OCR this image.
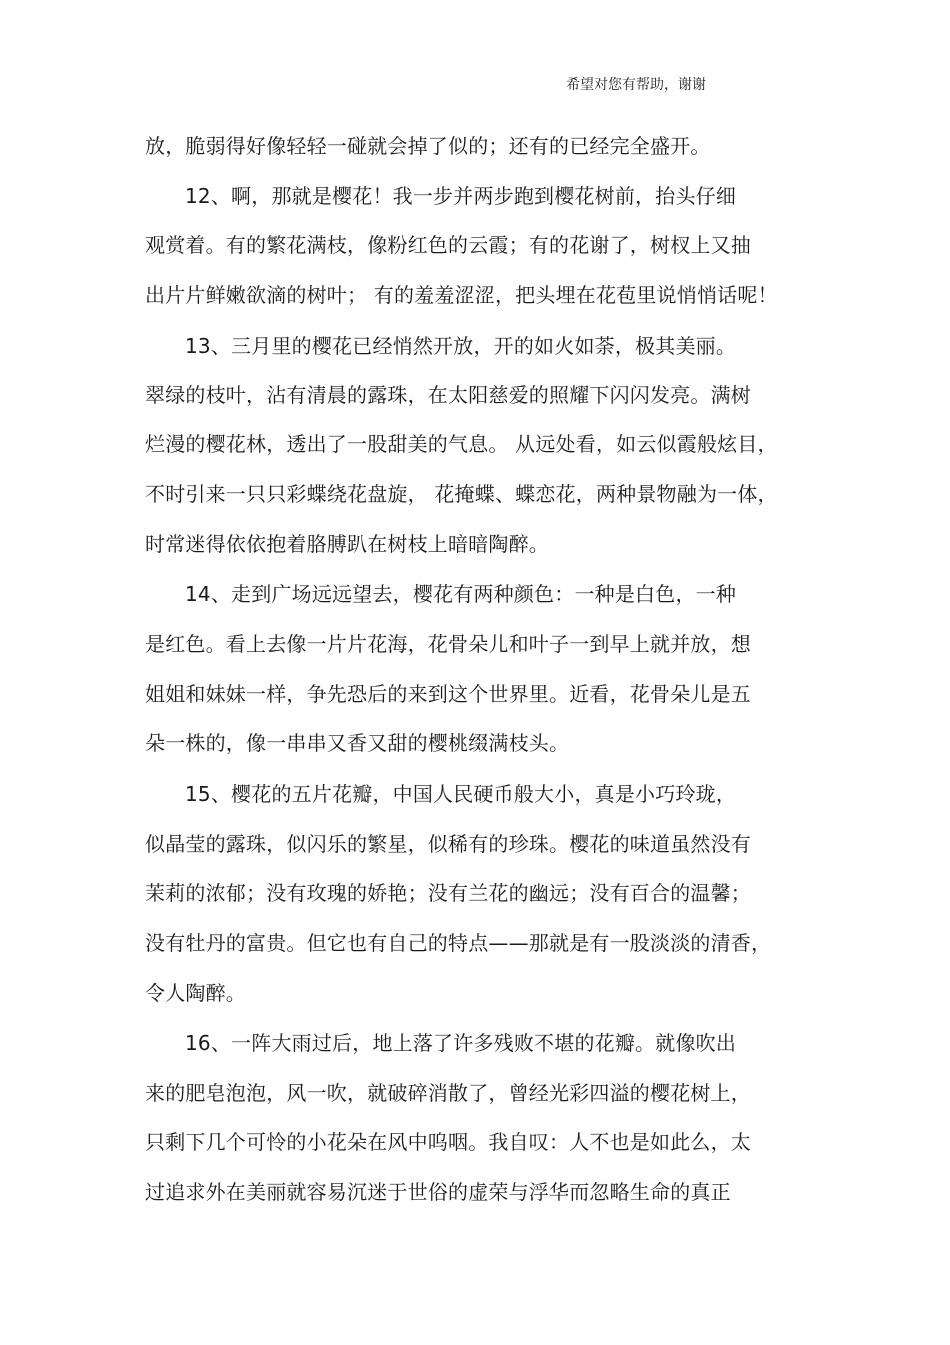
希望对您有帮助，谢谢
放，脆弱得好像轻轻一碰就会掉了似的；还有的已经完全盛开。
12、啊，那就是樱花！我一步并两步跑到樱花树前，抬头仔细
观赏着。有的繁花满枝，像粉红色的云霞；有的花谢了，树杈上又抽
出片片鲜嫩欲滴的树叶； 有的羞羞涩涩，把头埋在花苞里说悄悄话呢！
13、三月里的樱花已经悄然开放，开的如火如荼，极其美丽。
翠绿的枝叶，沾有清晨的露珠，在太阳慈爱的照耀下闪闪发亮。满树
烂漫的樱花林，透出了一股甜美的气息。 从远处看，如云似霞般炫目，
不时引来一只只彩蝶绕花盘旋， 花掩蝶、蝶恋花，两种景物融为一体，
时常迷得依依抱着胳膊趴在树枝上暗暗陶醉。
14、走到广场远远望去，樱花有两种颜色：一种是白色，一种
是红色。看上去像一片片花海，花骨朵儿和叶子一到早上就并放，想
姐姐和妹妹一样，争先恐后的来到这个世界里。近看，花骨朵儿是五
朵一株的，像一串串又香又甜的樱桃缀满枝头。
15、樱花的五片花瓣，中国人民硬币般大小，真是小巧玲珑，
似晶莹的露珠，似闪乐的繁星，似稀有的珍珠。樱花的味道虽然没有
茉莉的浓郁；没有玫瑰的娇艳；没有兰花的幽远；没有百合的温馨；
没有牡丹的富贵。但它也有自己的特点——那就是有一股淡淡的清香，
令人陶醉。
16、一阵大雨过后，地上落了许多残败不堪的花瓣。就像吹出
来的肥皂泡泡，风一吹，就破碎消散了，曾经光彩四溢的樱花树上，
只剩下几个可怜的小花朵在风中呜咽。我自叹：人不也是如此么，太
过追求外在美丽就容易沉迷于世俗的虚荣与浮华而忽略生命的真正
